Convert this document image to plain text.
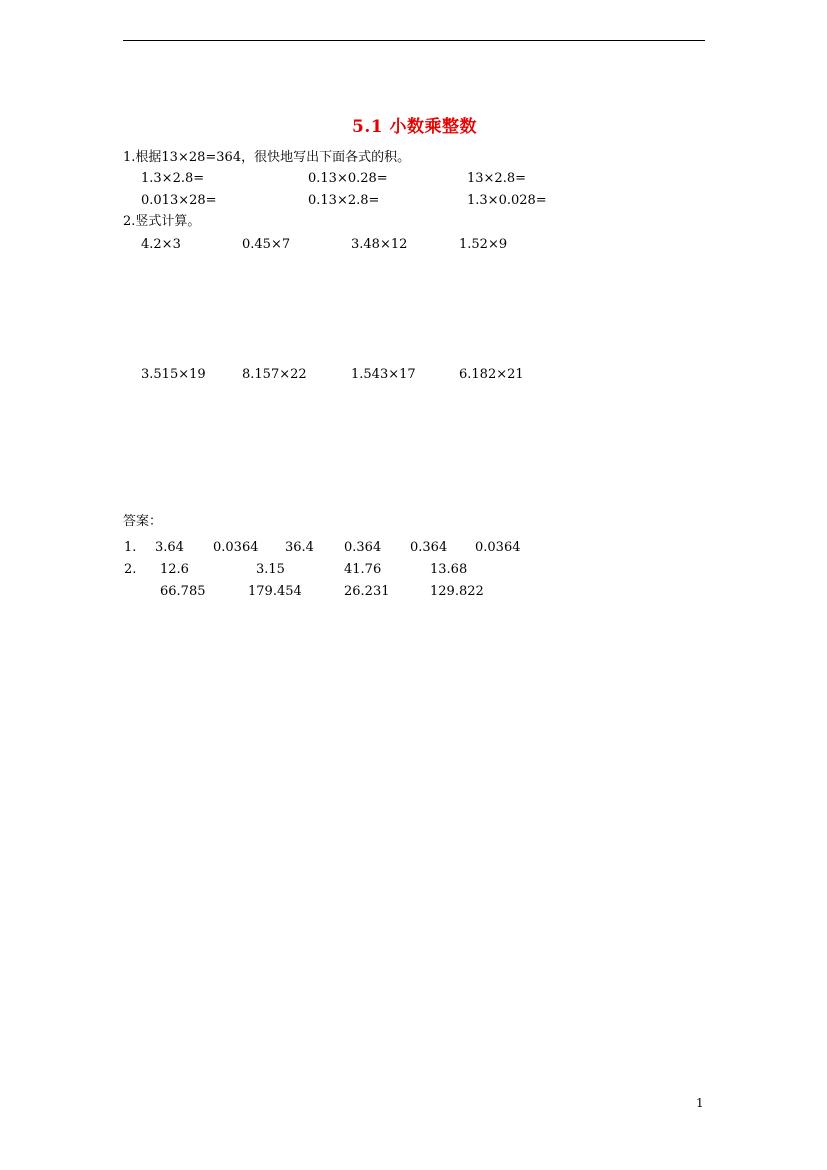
5.1 小数乘整数
1.根据13×28=364，很快地写出下面各式的积。
1.3×2.8=	0.13×0.28=	13×2.8=
0.013×28=	0.13×2.8=	1.3×0.028=
2.竖式计算。
4.2×3	0.45×7	3.48×12	1.52×9
3.515×19	8.157×22	1.543×17	6.182×21
答案：
1. 3.64 0.0364 36.4 0.364 0.364 0.0364
2. 12.6	3.15	41.76	13.68
66.785	179.454	26.231	129.822
1
